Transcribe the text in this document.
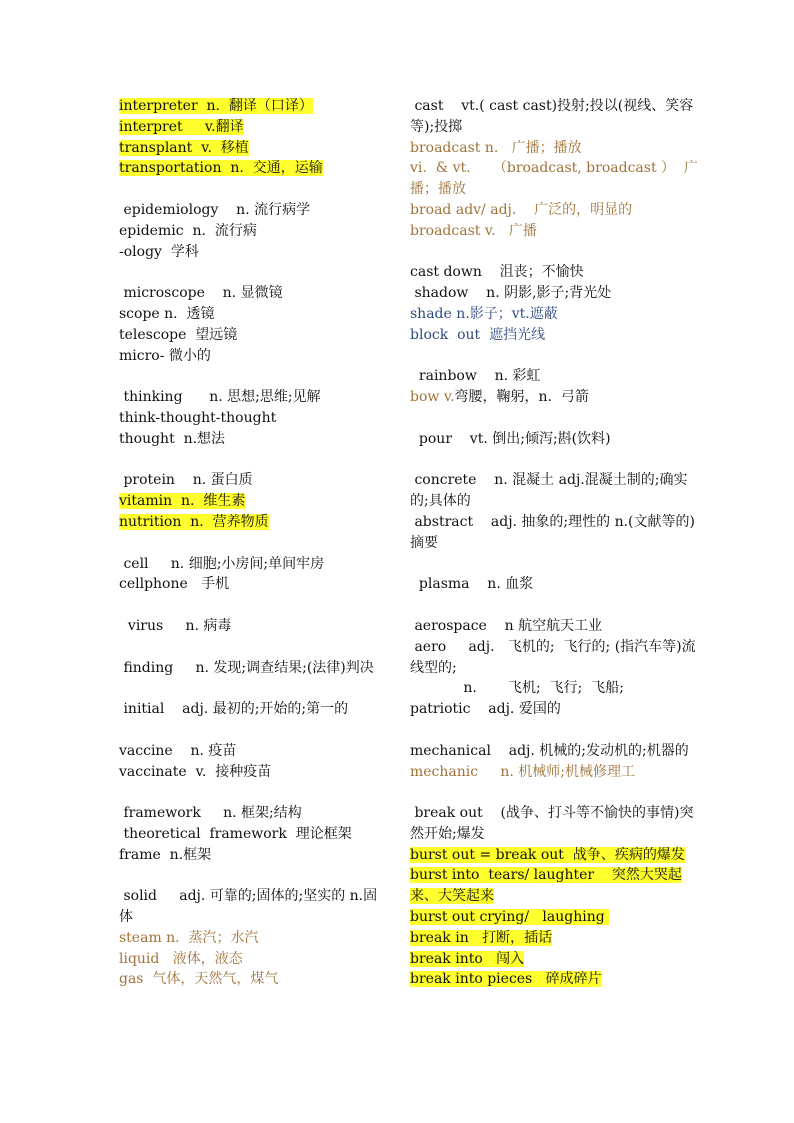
interpreter  n.  翻译（口译）
interpret     v.翻译
transplant  v.  移植
transportation  n.  交通，运输
epidemiology    n. 流行病学
epidemic  n.  流行病
-ology  学科
microscope    n. 显微镜
scope n.  透镜
telescope  望远镜
micro- 微小的
thinking      n. 思想;思维;见解
think-thought-thought
thought  n.想法
protein    n. 蛋白质
vitamin  n.  维生素
nutrition  n.  营养物质
cell     n. 细胞;小房间;单间牢房
cellphone   手机
virus     n. 病毒
finding     n. 发现;调查结果;(法律)判决
initial    adj. 最初的;开始的;第一的
vaccine    n. 疫苗
vaccinate  v.  接种疫苗
framework     n. 框架;结构
theoretical  framework  理论框架
frame  n.框架
solid     adj. 可靠的;固体的;坚实的 n.固体
steam n.  蒸汽；水汽
liquid   液体，液态
gas  气体，天然气，煤气
cast    vt.( cast cast)投射;投以(视线、笑容等);投掷
broadcast n.   广播；播放
vi.  & vt.     （broadcast, broadcast ）  广播；播放
broad adv/ adj.    广泛的，明显的
broadcast v.   广播
cast down    沮丧；不愉快
shadow    n. 阴影,影子;背光处
shade n.影子；vt.遮蔽
block  out  遮挡光线
rainbow    n. 彩虹
bow v.弯腰，鞠躬，n.  弓箭
pour    vt. 倒出;倾泻;斟(饮料)
concrete    n. 混凝土 adj.混凝土制的;确实的;具体的
abstract    adj. 抽象的;理性的 n.(文献等的)摘要
plasma    n. 血浆
aerospace    n 航空航天工业
aero     adj.   飞机的;  飞行的; (指汽车等)流线型的;
n.       飞机;  飞行;  飞船;
patriotic    adj. 爱国的
mechanical    adj. 机械的;发动机的;机器的
mechanic     n. 机械师;机械修理工
break out    (战争、打斗等不愉快的事情)突然开始;爆发
burst out = break out  战争、疾病的爆发
burst into  tears/ laughter    突然大哭起来、大笑起来
burst out crying/   laughing
break in   打断，插话
break into   闯入
break into pieces   碎成碎片
